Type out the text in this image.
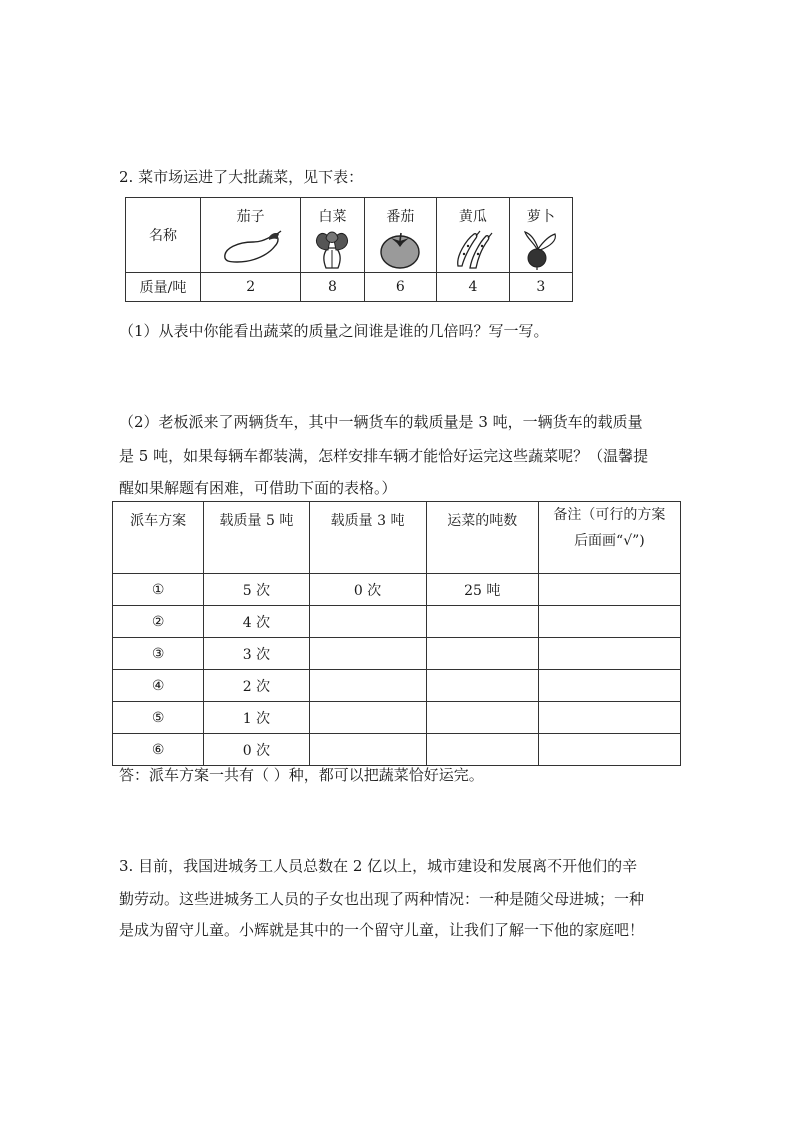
2. 菜市场运进了大批蔬菜，见下表：
名称	茄子	白菜	番茄	黄瓜	萝卜

质量/吨	2	8	6	4	3
（1）从表中你能看出蔬菜的质量之间谁是谁的几倍吗？写一写。
（2）老板派来了两辆货车，其中一辆货车的载质量是 3 吨，一辆货车的载质量
是 5 吨，如果每辆车都装满，怎样安排车辆才能恰好运完这些蔬菜呢？（温馨提
醒如果解题有困难，可借助下面的表格。）
派车方案	载质量 5 吨	载质量 3 吨	运菜的吨数	备注（可行的方案
后面画“√”)

①	5 次	0 次	25 吨	
②	4 次			
③	3 次			
④	2 次			
⑤	1 次			
⑥	0 次			
答：派车方案一共有（ ）种，都可以把蔬菜恰好运完。
3. 目前，我国进城务工人员总数在 2 亿以上，城市建设和发展离不开他们的辛
勤劳动。这些进城务工人员的子女也出现了两种情况：一种是随父母进城；一种
是成为留守儿童。小辉就是其中的一个留守儿童，让我们了解一下他的家庭吧！
